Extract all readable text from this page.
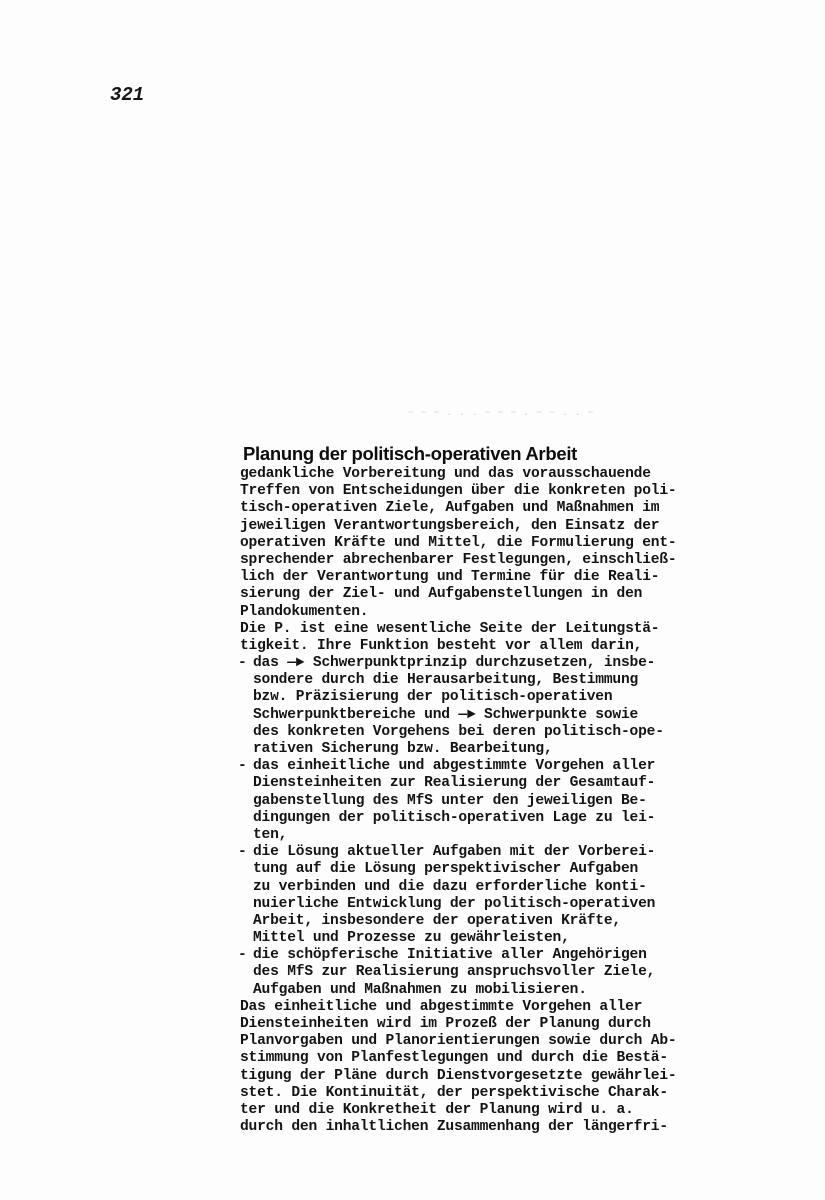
321
~ ~ ~ . . . ~ ~ ~ . ~ ~ . . ~
Planung der politisch-operativen Arbeit
gedankliche Vorbereitung und das vorausschauende
Treffen von Entscheidungen über die konkreten poli-
tisch-operativen Ziele, Aufgaben und Maßnahmen im
jeweiligen Verantwortungsbereich, den Einsatz der
operativen Kräfte und Mittel, die Formulierung ent-
sprechender abrechenbarer Festlegungen, einschließ-
lich der Verantwortung und Termine für die Reali-
sierung der Ziel- und Aufgabenstellungen in den
Plandokumenten.
Die P. ist eine wesentliche Seite der Leitungstä-
tigkeit. Ihre Funktion besteht vor allem darin,
- das —► Schwerpunktprinzip durchzusetzen, insbe-
sondere durch die Herausarbeitung, Bestimmung
bzw. Präzisierung der politisch-operativen
Schwerpunktbereiche und —► Schwerpunkte sowie
des konkreten Vorgehens bei deren politisch-ope-
rativen Sicherung bzw. Bearbeitung,
- das einheitliche und abgestimmte Vorgehen aller
Diensteinheiten zur Realisierung der Gesamtauf-
gabenstellung des MfS unter den jeweiligen Be-
dingungen der politisch-operativen Lage zu lei-
ten,
- die Lösung aktueller Aufgaben mit der Vorberei-
tung auf die Lösung perspektivischer Aufgaben
zu verbinden und die dazu erforderliche konti-
nuierliche Entwicklung der politisch-operativen
Arbeit, insbesondere der operativen Kräfte,
Mittel und Prozesse zu gewährleisten,
- die schöpferische Initiative aller Angehörigen
des MfS zur Realisierung anspruchsvoller Ziele,
Aufgaben und Maßnahmen zu mobilisieren.
Das einheitliche und abgestimmte Vorgehen aller
Diensteinheiten wird im Prozeß der Planung durch
Planvorgaben und Planorientierungen sowie durch Ab-
stimmung von Planfestlegungen und durch die Bestä-
tigung der Pläne durch Dienstvorgesetzte gewährlei-
stet. Die Kontinuität, der perspektivische Charak-
ter und die Konkretheit der Planung wird u. a.
durch den inhaltlichen Zusammenhang der längerfri-
